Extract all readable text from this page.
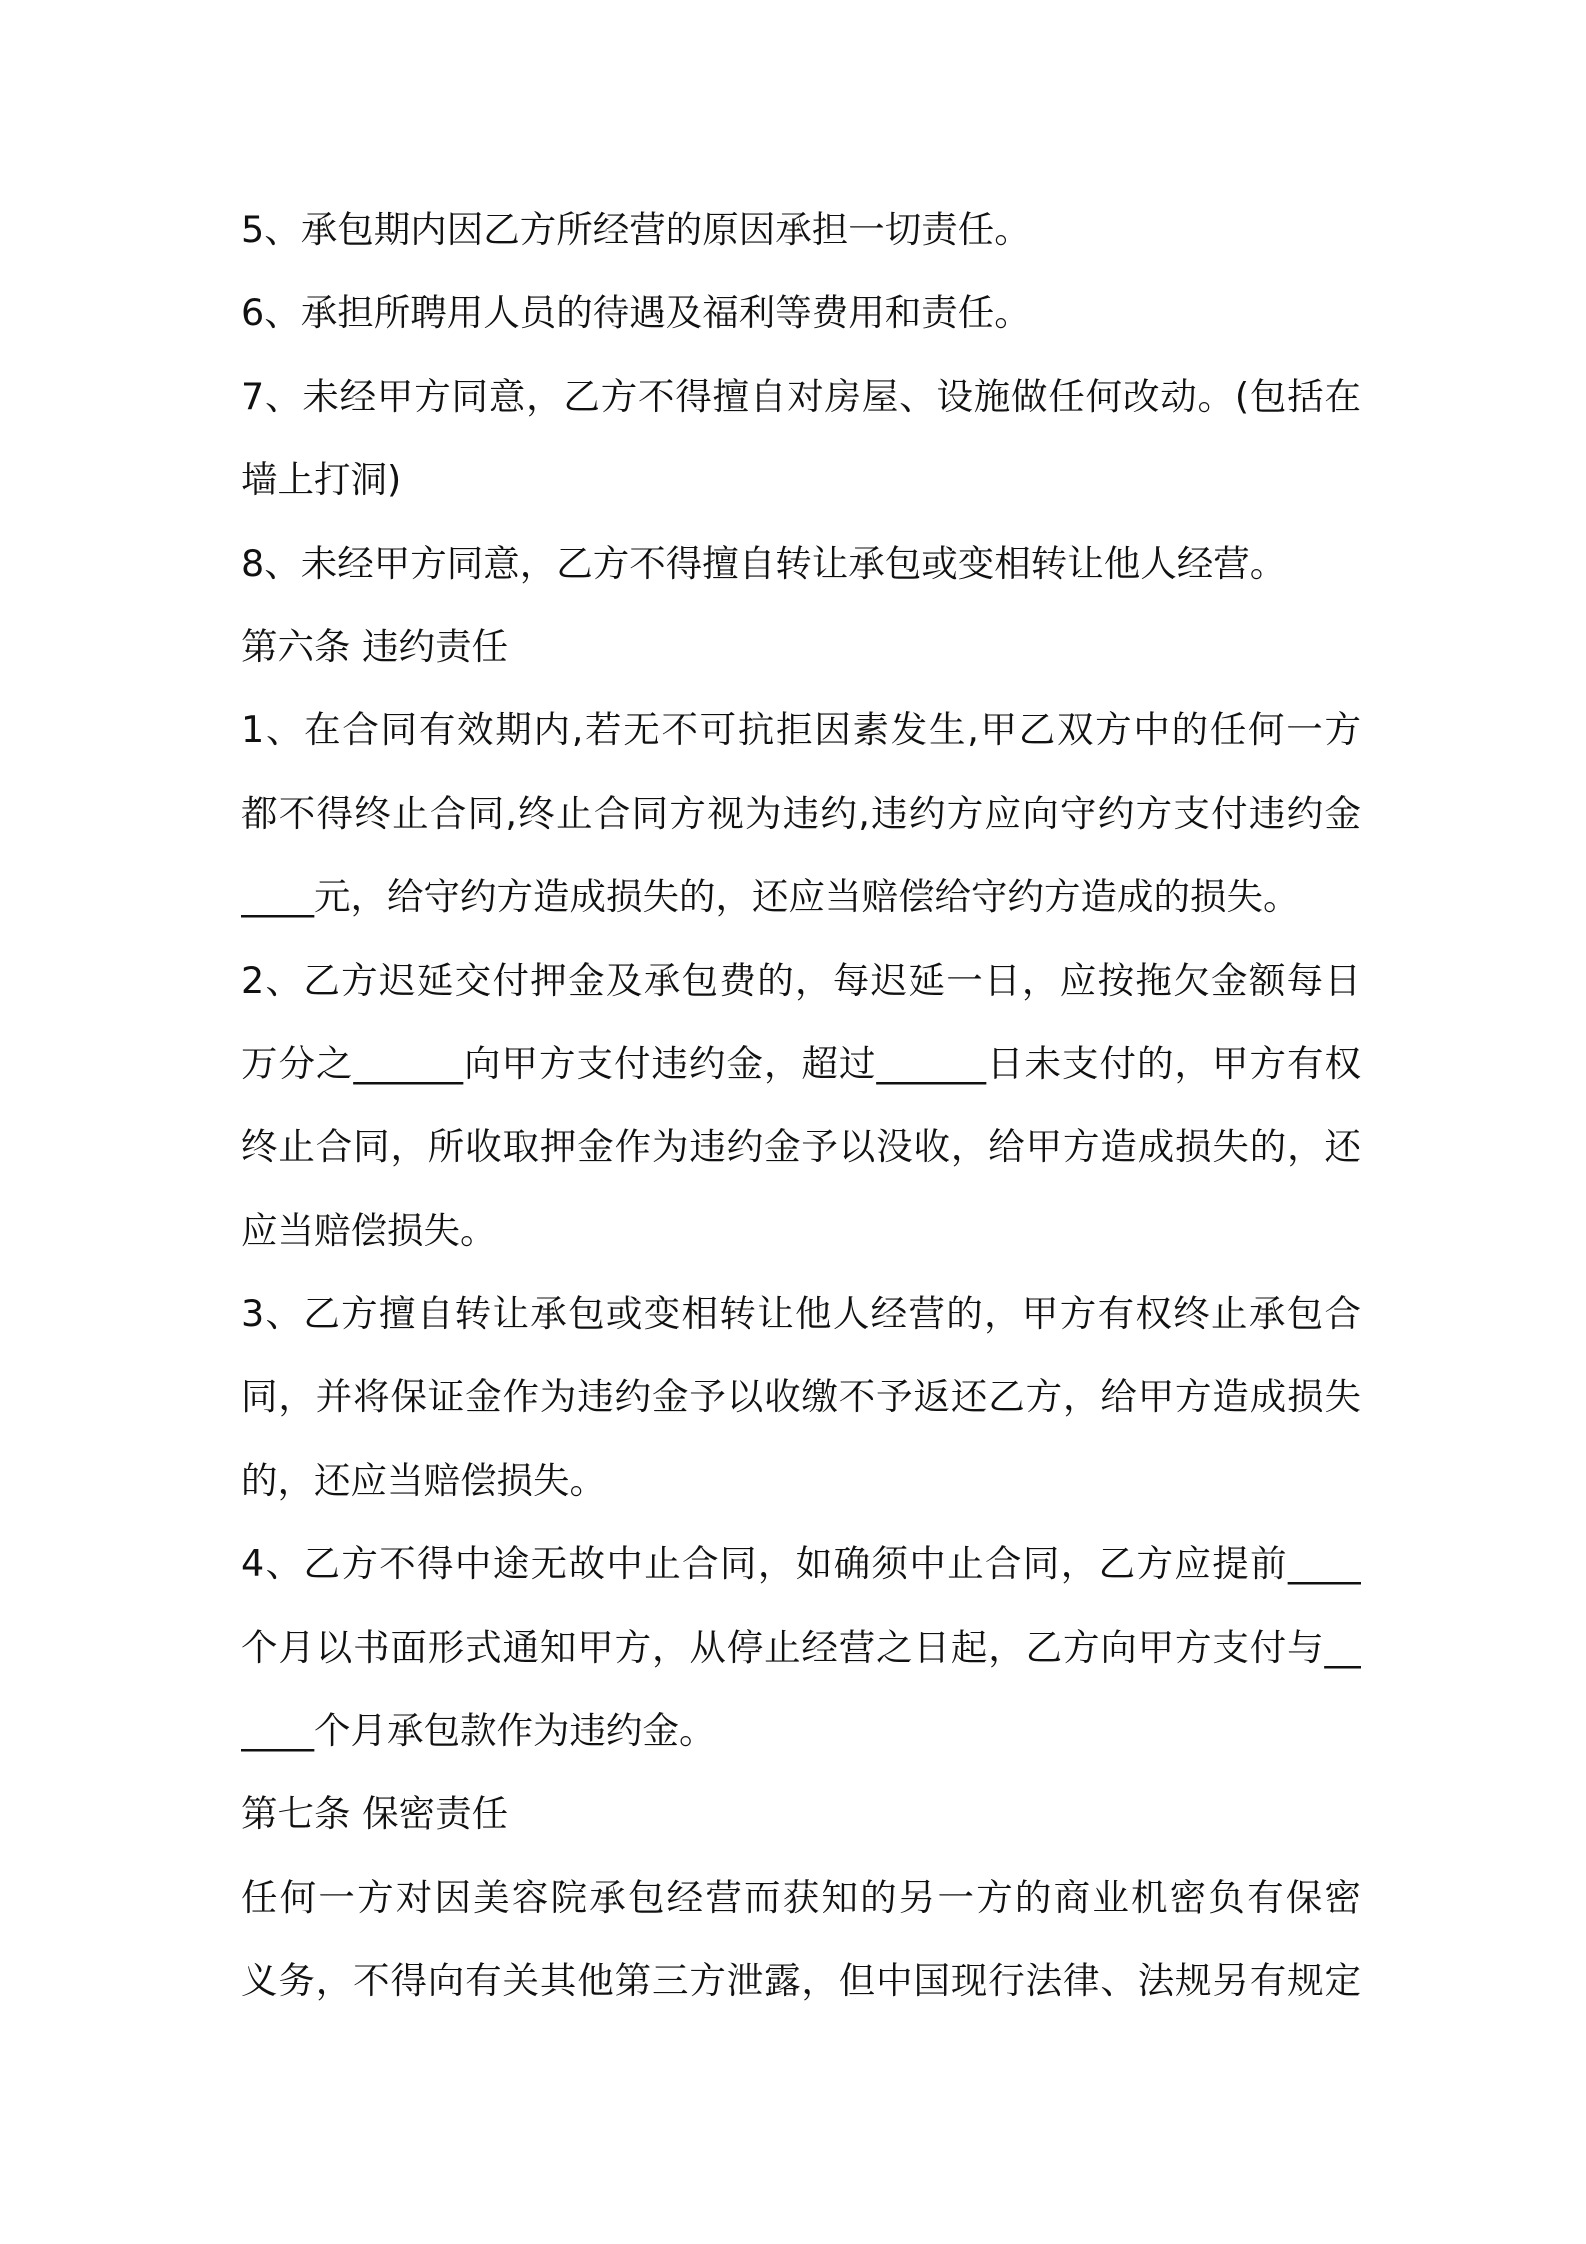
5、承包期内因乙方所经营的原因承担一切责任。
6、承担所聘用人员的待遇及福利等费用和责任。
7、未经甲方同意，乙方不得擅自对房屋、设施做任何改动。(包括在
墙上打洞)
8、未经甲方同意，乙方不得擅自转让承包或变相转让他人经营。
第六条 违约责任
1、在合同有效期内,若无不可抗拒因素发生,甲乙双方中的任何一方
都不得终止合同,终止合同方视为违约,违约方应向守约方支付违约金
____元，给守约方造成损失的，还应当赔偿给守约方造成的损失。
2、乙方迟延交付押金及承包费的，每迟延一日，应按拖欠金额每日
万分之______向甲方支付违约金，超过______日未支付的，甲方有权
终止合同，所收取押金作为违约金予以没收，给甲方造成损失的，还
应当赔偿损失。
3、乙方擅自转让承包或变相转让他人经营的，甲方有权终止承包合
同，并将保证金作为违约金予以收缴不予返还乙方，给甲方造成损失
的，还应当赔偿损失。
4、乙方不得中途无故中止合同，如确须中止合同，乙方应提前____
个月以书面形式通知甲方，从停止经营之日起，乙方向甲方支付与__
____个月承包款作为违约金。
第七条 保密责任
任何一方对因美容院承包经营而获知的另一方的商业机密负有保密
义务，不得向有关其他第三方泄露，但中国现行法律、法规另有规定
